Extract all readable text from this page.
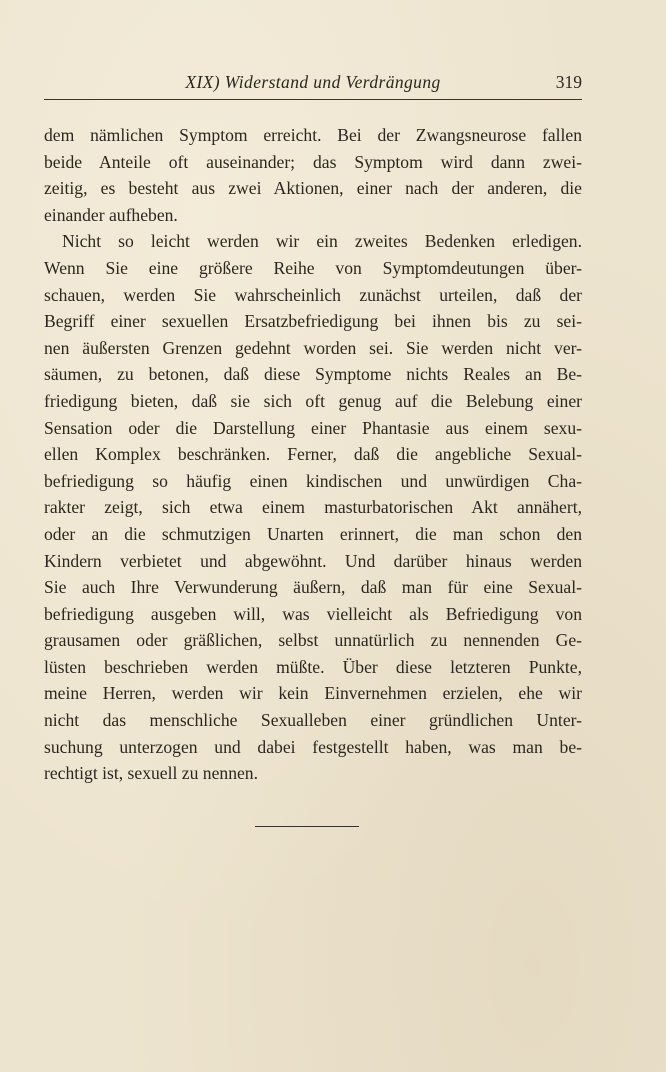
XIX) Widerstand und Verdrängung	319
dem nämlichen Symptom erreicht. Bei der Zwangsneurose fallen
beide Anteile oft auseinander; das Symptom wird dann zwei-
zeitig, es besteht aus zwei Aktionen, einer nach der anderen, die
einander aufheben.
Nicht so leicht werden wir ein zweites Bedenken erledigen.
Wenn Sie eine größere Reihe von Symptomdeutungen über-
schauen, werden Sie wahrscheinlich zunächst urteilen, daß der
Begriff einer sexuellen Ersatzbefriedigung bei ihnen bis zu sei-
nen äußersten Grenzen gedehnt worden sei. Sie werden nicht ver-
säumen, zu betonen, daß diese Symptome nichts Reales an Be-
friedigung bieten, daß sie sich oft genug auf die Belebung einer
Sensation oder die Darstellung einer Phantasie aus einem sexu-
ellen Komplex beschränken. Ferner, daß die angebliche Sexual-
befriedigung so häufig einen kindischen und unwürdigen Cha-
rakter zeigt, sich etwa einem masturbatorischen Akt annähert,
oder an die schmutzigen Unarten erinnert, die man schon den
Kindern verbietet und abgewöhnt. Und darüber hinaus werden
Sie auch Ihre Verwunderung äußern, daß man für eine Sexual-
befriedigung ausgeben will, was vielleicht als Befriedigung von
grausamen oder gräßlichen, selbst unnatürlich zu nennenden Ge-
lüsten beschrieben werden müßte. Über diese letzteren Punkte,
meine Herren, werden wir kein Einvernehmen erzielen, ehe wir
nicht das menschliche Sexualleben einer gründlichen Unter-
suchung unterzogen und dabei festgestellt haben, was man be-
rechtigt ist, sexuell zu nennen.
